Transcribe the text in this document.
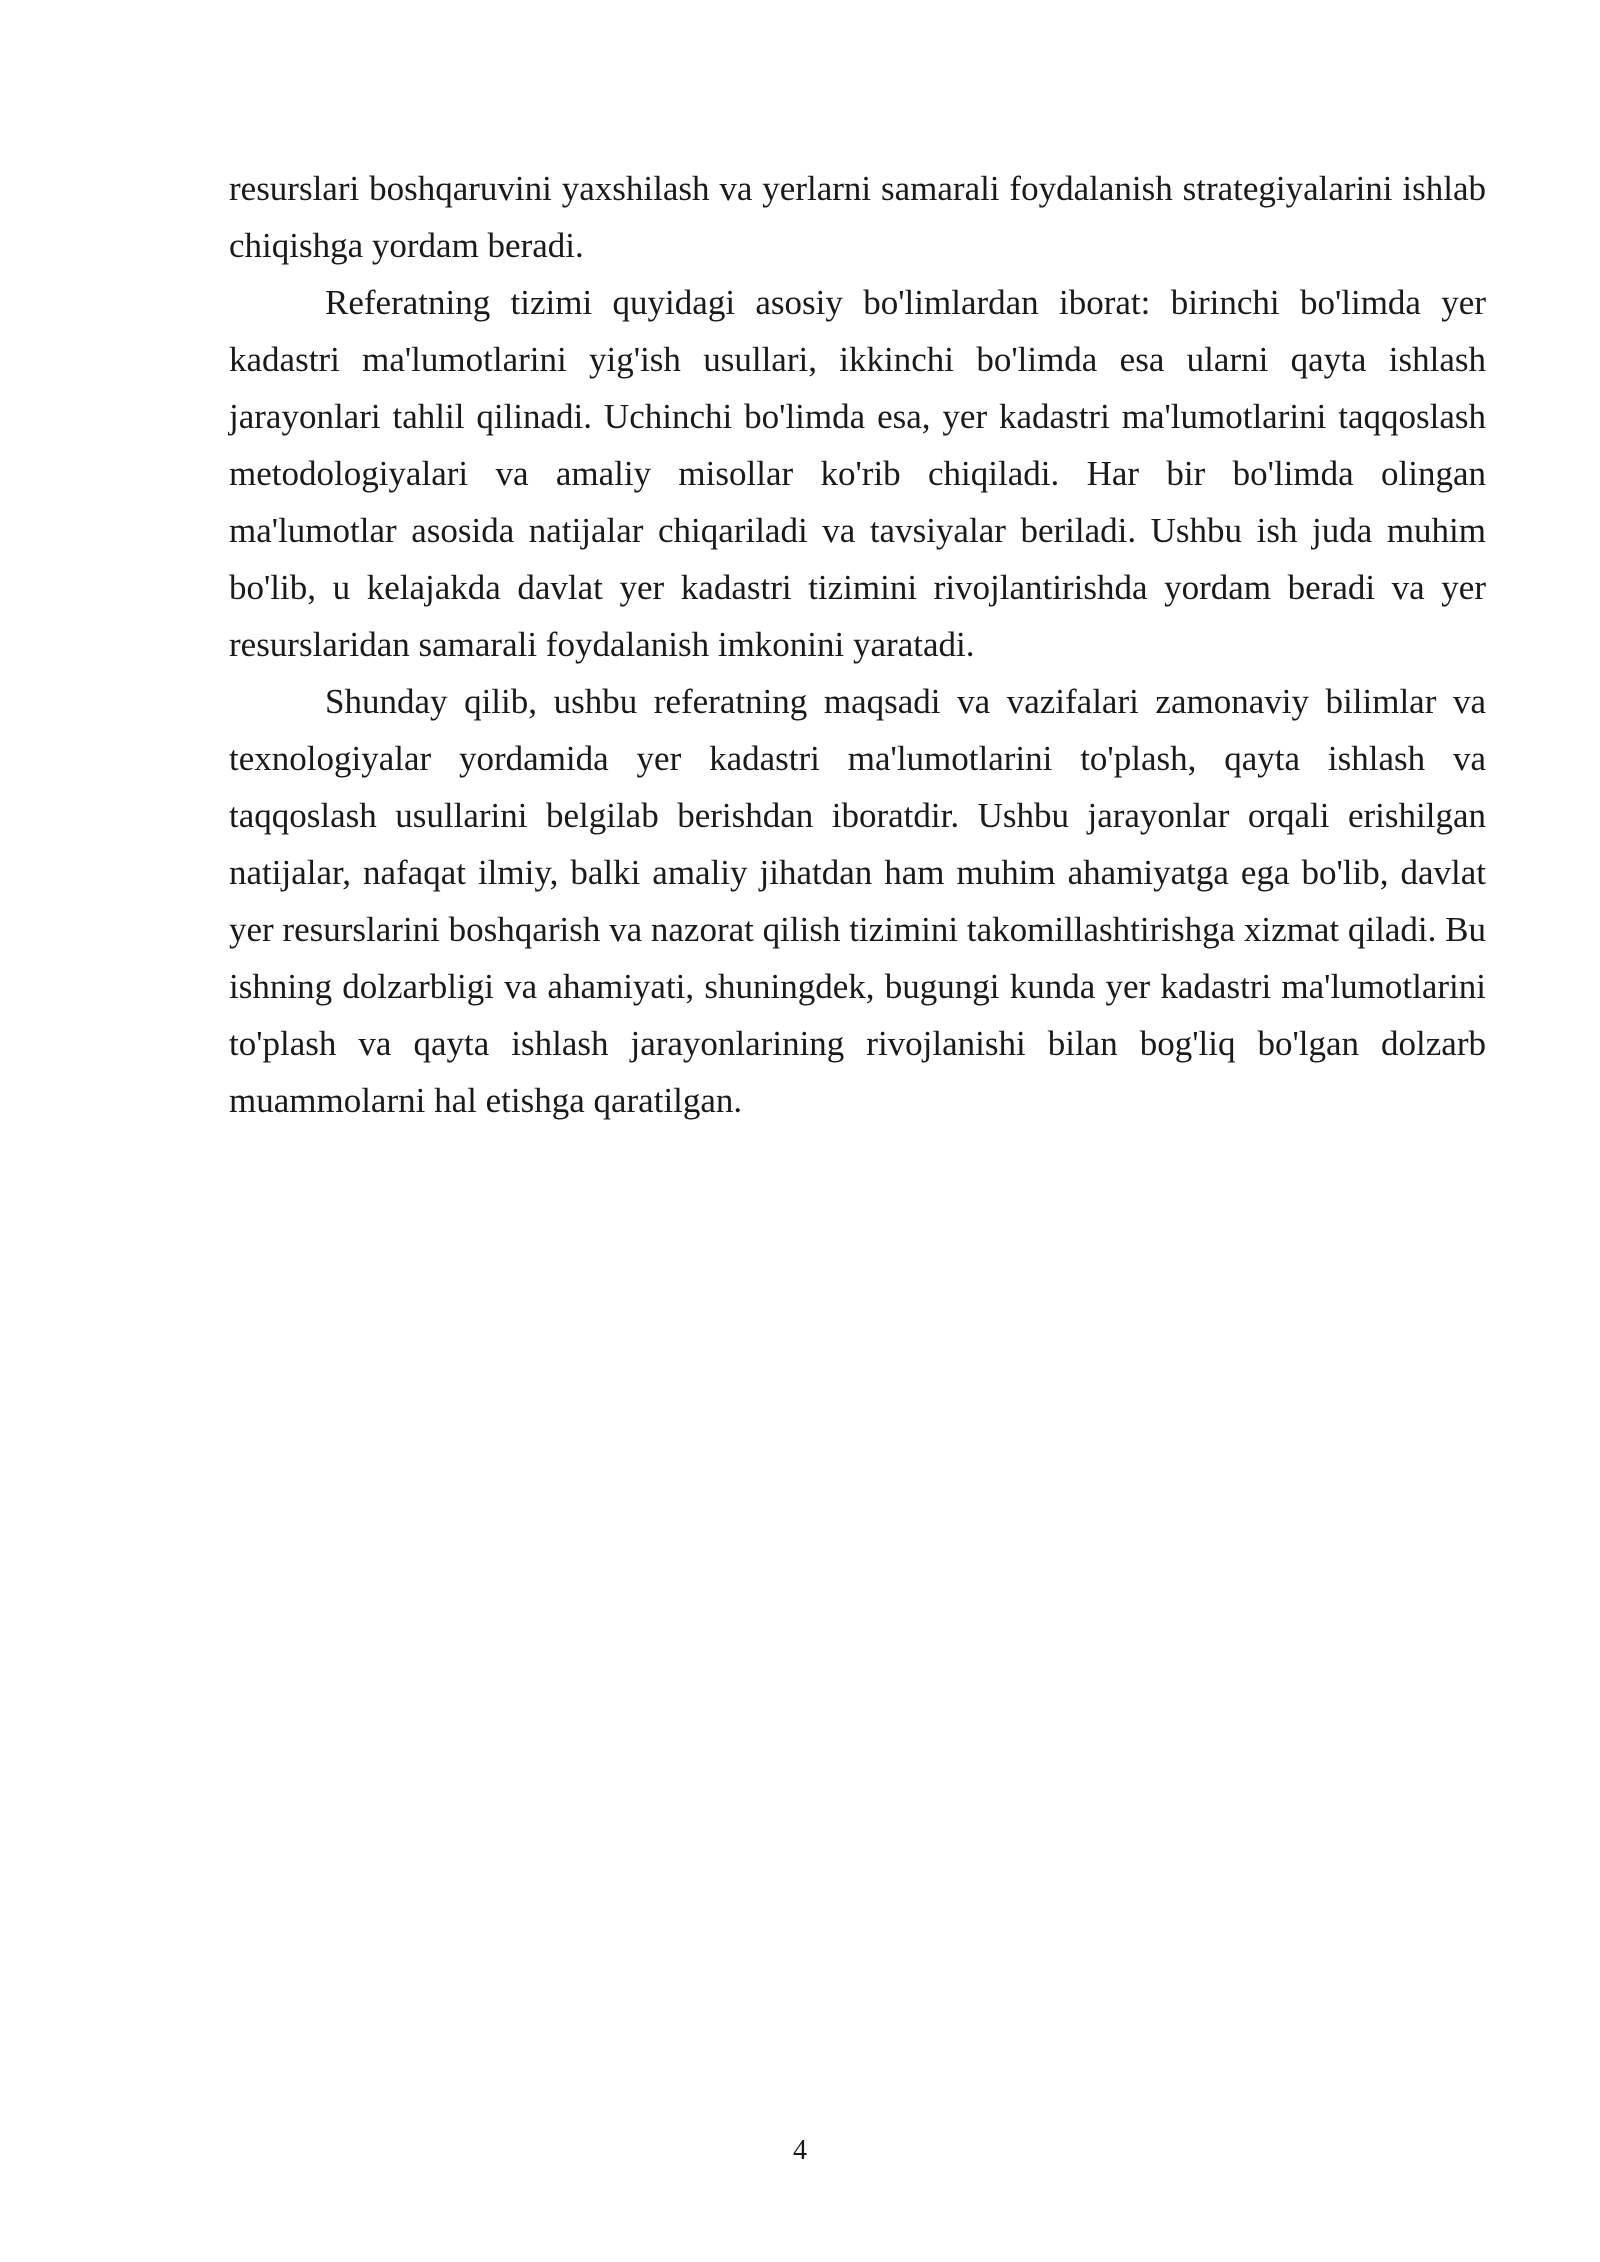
resurslari boshqaruvini yaxshilash va yerlarni samarali foydalanish strategiyalarini ishlab chiqishga yordam beradi.

Referatning tizimi quyidagi asosiy bo'limlardan iborat: birinchi bo'limda yer kadastri ma'lumotlarini yig'ish usullari, ikkinchi bo'limda esa ularni qayta ishlash jarayonlari tahlil qilinadi. Uchinchi bo'limda esa, yer kadastri ma'lumotlarini taqqoslash metodologiyalari va amaliy misollar ko'rib chiqiladi. Har bir bo'limda olingan ma'lumotlar asosida natijalar chiqariladi va tavsiyalar beriladi. Ushbu ish juda muhim bo'lib, u kelajakda davlat yer kadastri tizimini rivojlantirishda yordam beradi va yer resurslaridan samarali foydalanish imkonini yaratadi.

Shunday qilib, ushbu referatning maqsadi va vazifalari zamonaviy bilimlar va texnologiyalar yordamida yer kadastri ma'lumotlarini to'plash, qayta ishlash va taqqoslash usullarini belgilab berishdan iboratdir. Ushbu jarayonlar orqali erishilgan natijalar, nafaqat ilmiy, balki amaliy jihatdan ham muhim ahamiyatga ega bo'lib, davlat yer resurslarini boshqarish va nazorat qilish tizimini takomillashtirishga xizmat qiladi. Bu ishning dolzarbligi va ahamiyati, shuningdek, bugungi kunda yer kadastri ma'lumotlarini to'plash va qayta ishlash jarayonlarining rivojlanishi bilan bog'liq bo'lgan dolzarb muammolarni hal etishga qaratilgan.

4
